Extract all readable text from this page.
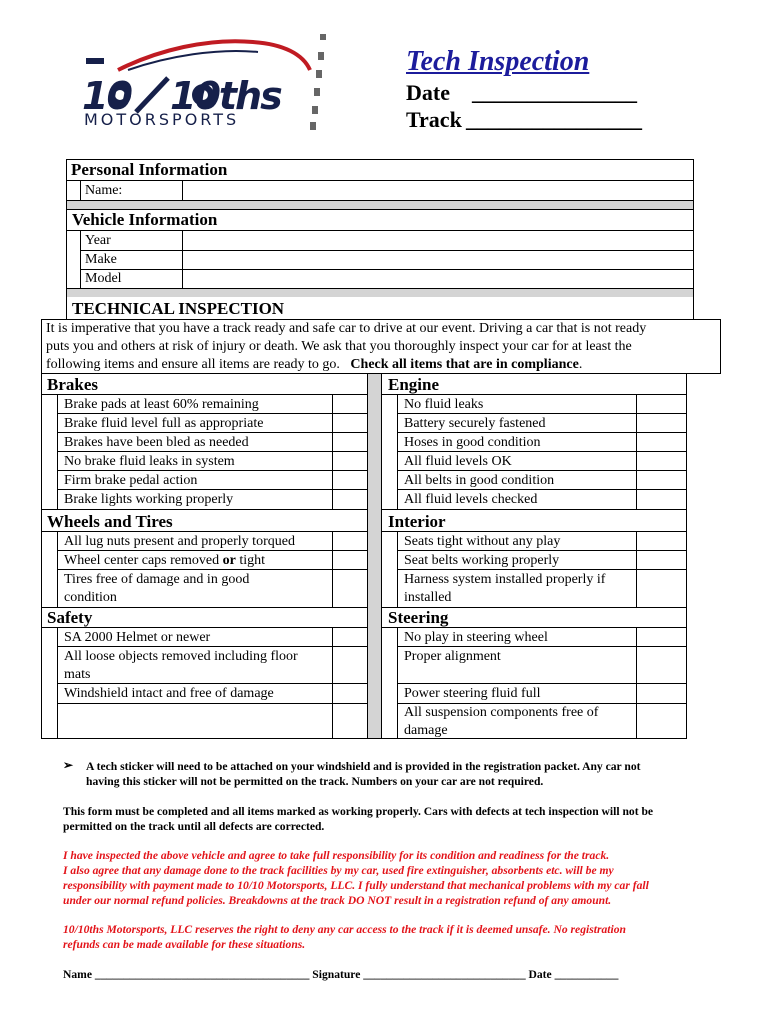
10 10ths
MOTORSPORTS
Tech Inspection
Date _______________
Track ________________
Personal Information
Name:
Vehicle Information
Year
Make
Model
TECHNICAL INSPECTION
It is imperative that you have a track ready and safe car to drive at our event. Driving a car that is not ready
puts you and others at risk of injury or death. We ask that you thoroughly inspect your car for at least the
following items and ensure all items are ready to go. Check all items that are in compliance.
Brakes
Brake pads at least 60% remaining
Brake fluid level full as appropriate
Brakes have been bled as needed
No brake fluid leaks in system
Firm brake pedal action
Brake lights working properly
Engine
No fluid leaks
Battery securely fastened
Hoses in good condition
All fluid levels OK
All belts in good condition
All fluid levels checked
Wheels and Tires
All lug nuts present and properly torqued
Wheel center caps removed or tight
Tires free of damage and in good
condition
Interior
Seats tight without any play
Seat belts working properly
Harness system installed properly if
installed
Safety
SA 2000 Helmet or newer
All loose objects removed including floor
mats
Windshield intact and free of damage
Steering
No play in steering wheel
Proper alignment
Power steering fluid full
All suspension components free of
damage
➢ A tech sticker will need to be attached on your windshield and is provided in the registration packet. Any car not
having this sticker will not be permitted on the track. Numbers on your car are not required.
This form must be completed and all items marked as working properly. Cars with defects at tech inspection will not be
permitted on the track until all defects are corrected.
I have inspected the above vehicle and agree to take full responsibility for its condition and readiness for the track.
I also agree that any damage done to the track facilities by my car, used fire extinguisher, absorbents etc. will be my
responsibility with payment made to 10/10 Motorsports, LLC. I fully understand that mechanical problems with my car fall
under our normal refund policies. Breakdowns at the track DO NOT result in a registration refund of any amount.
10/10ths Motorsports, LLC reserves the right to deny any car access to the track if it is deemed unsafe. No registration
refunds can be made available for these situations.
Name _____________________________________ Signature ____________________________ Date ___________
